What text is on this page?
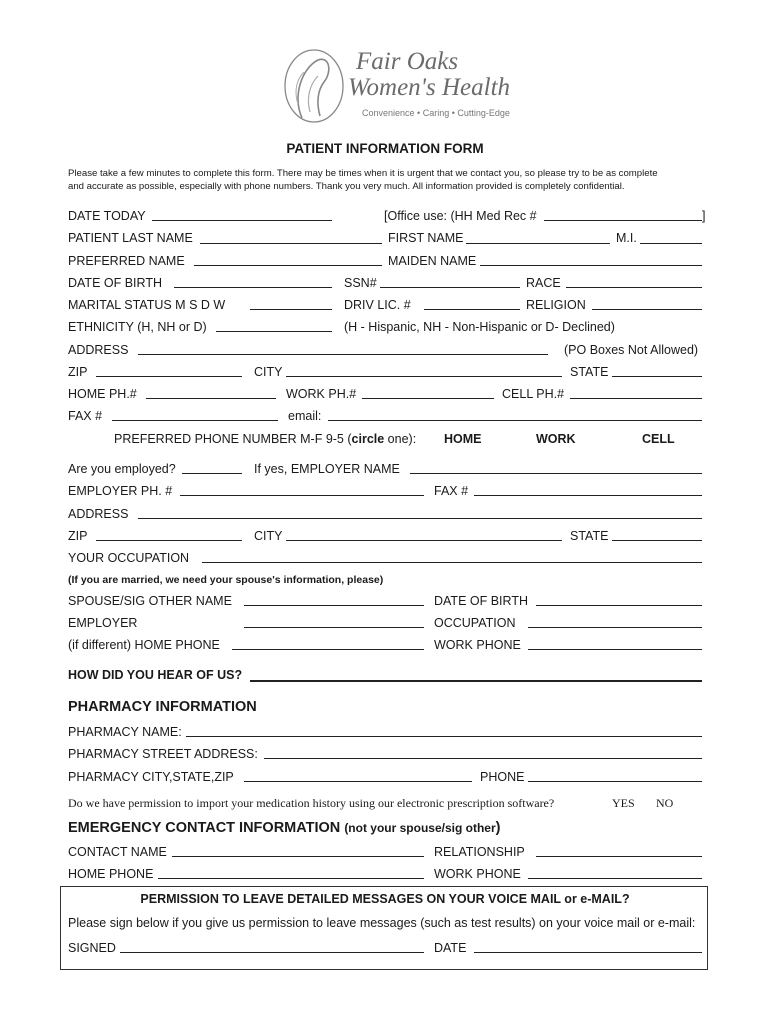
Fair Oaks
Women's Health
Convenience • Caring • Cutting-Edge
PATIENT INFORMATION FORM
Please take a few minutes to complete this form. There may be times when it is urgent that we contact you, so please try to be as complete
and accurate as possible, especially with phone numbers. Thank you very much. All information provided is completely confidential.
DATE TODAY	[Office use: (HH Med Rec #	]
PATIENT LAST NAME	FIRST NAME	M.I.
PREFERRED NAME	MAIDEN NAME
DATE OF BIRTH	SSN#	RACE
MARITAL STATUS M S D W	DRIV LIC. #	RELIGION
ETHNICITY (H, NH or D)	(H - Hispanic, NH - Non-Hispanic or D- Declined)
ADDRESS	(PO Boxes Not Allowed)
ZIP	CITY	STATE
HOME PH.#	WORK PH.#	CELL PH.#
FAX #	email:
PREFERRED PHONE NUMBER M-F 9-5 (circle one): HOME	WORK	CELL
Are you employed?	If yes, EMPLOYER NAME
EMPLOYER PH. #	FAX #
ADDRESS
ZIP	CITY	STATE
YOUR OCCUPATION
(If you are married, we need your spouse's information, please)
SPOUSE/SIG OTHER NAME	DATE OF BIRTH
EMPLOYER	OCCUPATION
(if different) HOME PHONE	WORK PHONE
HOW DID YOU HEAR OF US?
PHARMACY INFORMATION
PHARMACY NAME:
PHARMACY STREET ADDRESS:
PHARMACY CITY,STATE,ZIP	PHONE
Do we have permission to import your medication history using our electronic prescription software?	YES NO
EMERGENCY CONTACT INFORMATION (not your spouse/sig other)
CONTACT NAME	RELATIONSHIP
HOME PHONE	WORK PHONE
PERMISSION TO LEAVE DETAILED MESSAGES ON YOUR VOICE MAIL or e-MAIL?
Please sign below if you give us permission to leave messages (such as test results) on your voice mail or e-mail:
SIGNED	DATE
